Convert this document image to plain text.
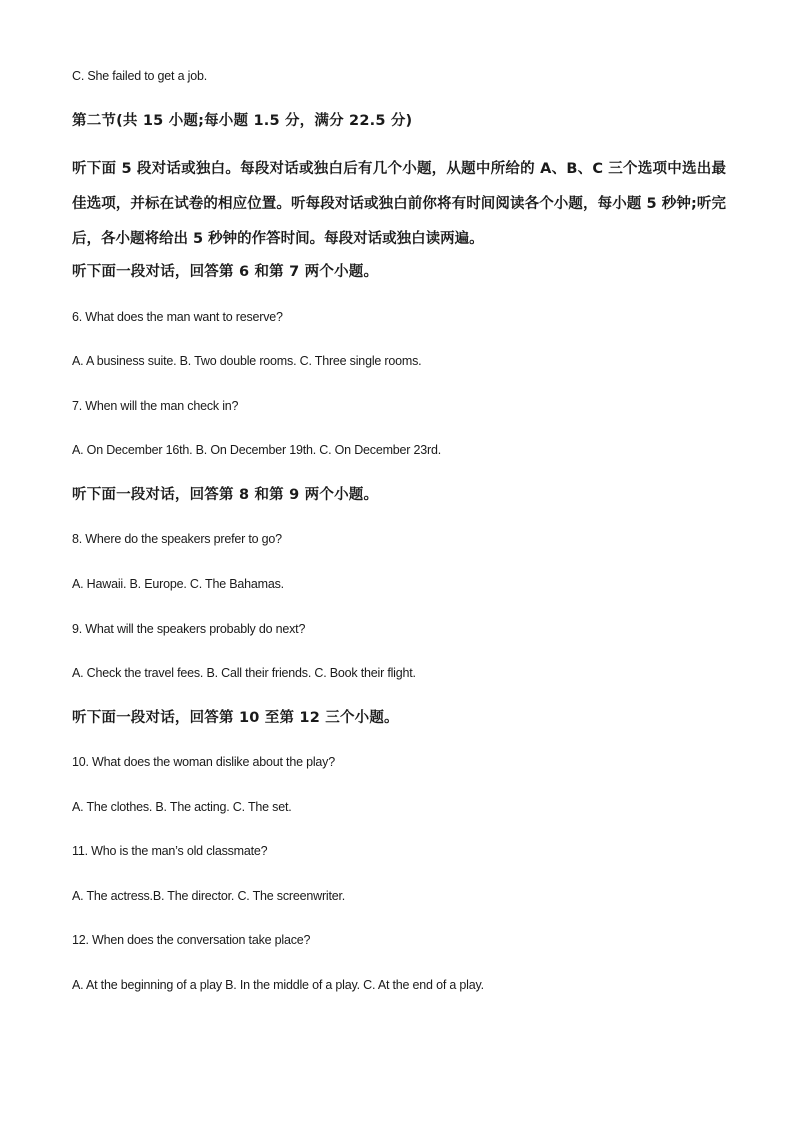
C. She failed to get a job.
第二节(共 15 小题;每小题 1.5 分，满分 22.5 分)
听下面 5 段对话或独白。每段对话或独白后有几个小题，从题中所给的 A、B、C 三个选项中选出最佳选项，并标在试卷的相应位置。听每段对话或独白前你将有时间阅读各个小题，每小题 5 秒钟;听完后，各小题将给出 5 秒钟的作答时间。每段对话或独白读两遍。
听下面一段对话，回答第 6 和第 7 两个小题。
6. What does the man want to reserve?
A. A business suite. B. Two double rooms. C. Three single rooms.
7. When will the man check in?
A. On December 16th. B. On December 19th. C. On December 23rd.
听下面一段对话，回答第 8 和第 9 两个小题。
8. Where do the speakers prefer to go?
A. Hawaii. B. Europe. C. The Bahamas.
9. What will the speakers probably do next?
A. Check the travel fees. B. Call their friends. C. Book their flight.
听下面一段对话，回答第 10 至第 12 三个小题。
10. What does the woman dislike about the play?
A. The clothes. B. The acting. C. The set.
11. Who is the man’s old classmate?
A. The actress.B. The director. C. The screenwriter.
12. When does the conversation take place?
A. At the beginning of a play B. In the middle of a play. C. At the end of a play.
